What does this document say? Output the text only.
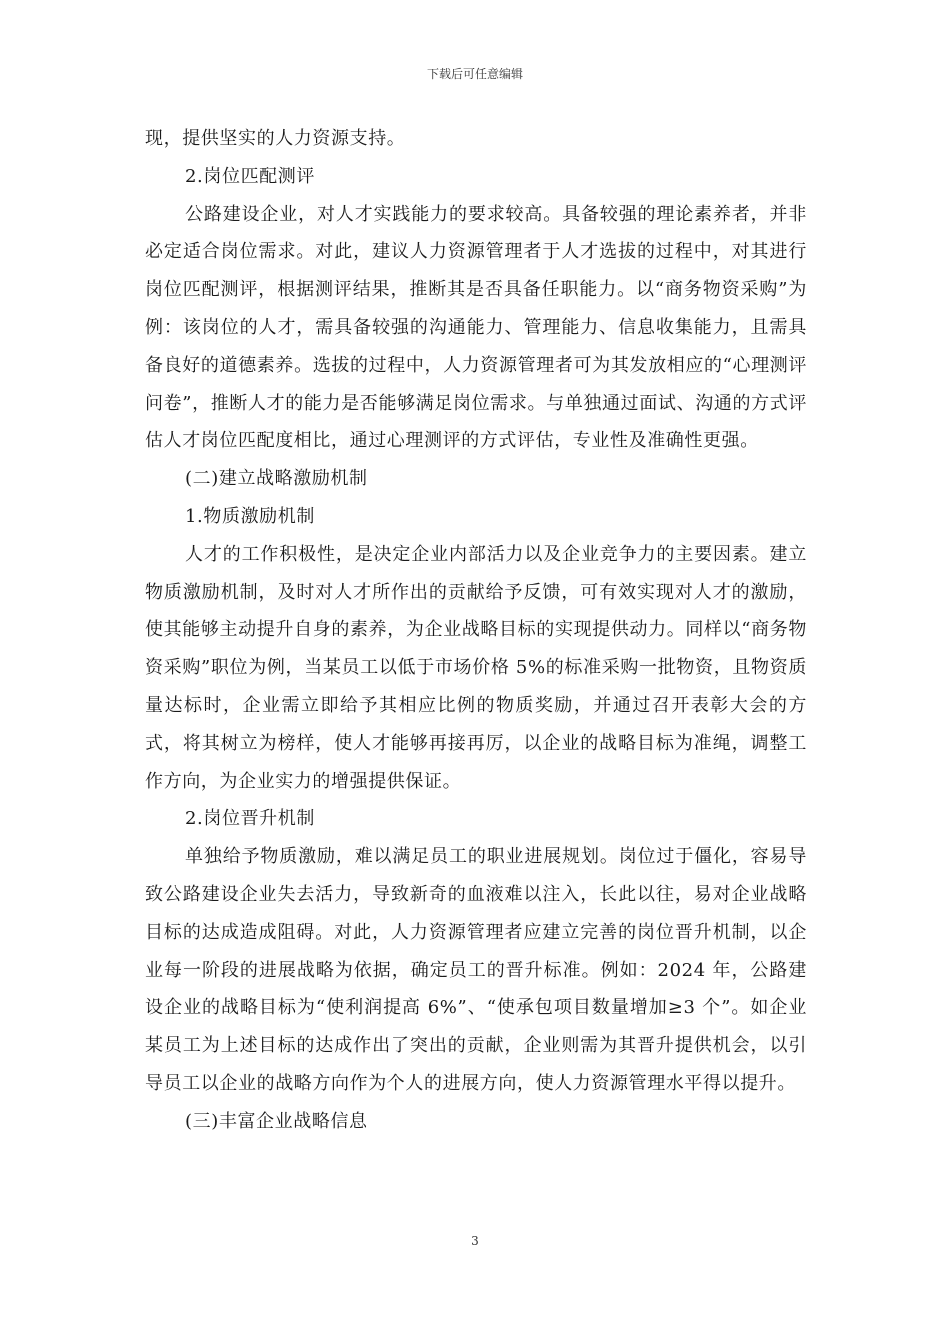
下载后可任意编辑

现，提供坚实的人力资源支持。

2.岗位匹配测评

公路建设企业，对人才实践能力的要求较高。具备较强的理论素养者，并非必定适合岗位需求。对此，建议人力资源管理者于人才选拔的过程中，对其进行岗位匹配测评，根据测评结果，推断其是否具备任职能力。以“商务物资采购”为例：该岗位的人才，需具备较强的沟通能力、管理能力、信息收集能力，且需具备良好的道德素养。选拔的过程中，人力资源管理者可为其发放相应的“心理测评问卷”，推断人才的能力是否能够满足岗位需求。与单独通过面试、沟通的方式评估人才岗位匹配度相比，通过心理测评的方式评估，专业性及准确性更强。

(二)建立战略激励机制

1.物质激励机制

人才的工作积极性，是决定企业内部活力以及企业竞争力的主要因素。建立物质激励机制，及时对人才所作出的贡献给予反馈，可有效实现对人才的激励，使其能够主动提升自身的素养，为企业战略目标的实现提供动力。同样以“商务物资采购”职位为例，当某员工以低于市场价格 5%的标准采购一批物资，且物资质量达标时，企业需立即给予其相应比例的物质奖励，并通过召开表彰大会的方式，将其树立为榜样，使人才能够再接再厉，以企业的战略目标为准绳，调整工作方向，为企业实力的增强提供保证。

2.岗位晋升机制

单独给予物质激励，难以满足员工的职业进展规划。岗位过于僵化，容易导致公路建设企业失去活力，导致新奇的血液难以注入，长此以往，易对企业战略目标的达成造成阻碍。对此，人力资源管理者应建立完善的岗位晋升机制，以企业每一阶段的进展战略为依据，确定员工的晋升标准。例如：2024 年，公路建设企业的战略目标为“使利润提高 6%”、“使承包项目数量增加≥3 个”。如企业某员工为上述目标的达成作出了突出的贡献，企业则需为其晋升提供机会，以引导员工以企业的战略方向作为个人的进展方向，使人力资源管理水平得以提升。

(三)丰富企业战略信息

3
